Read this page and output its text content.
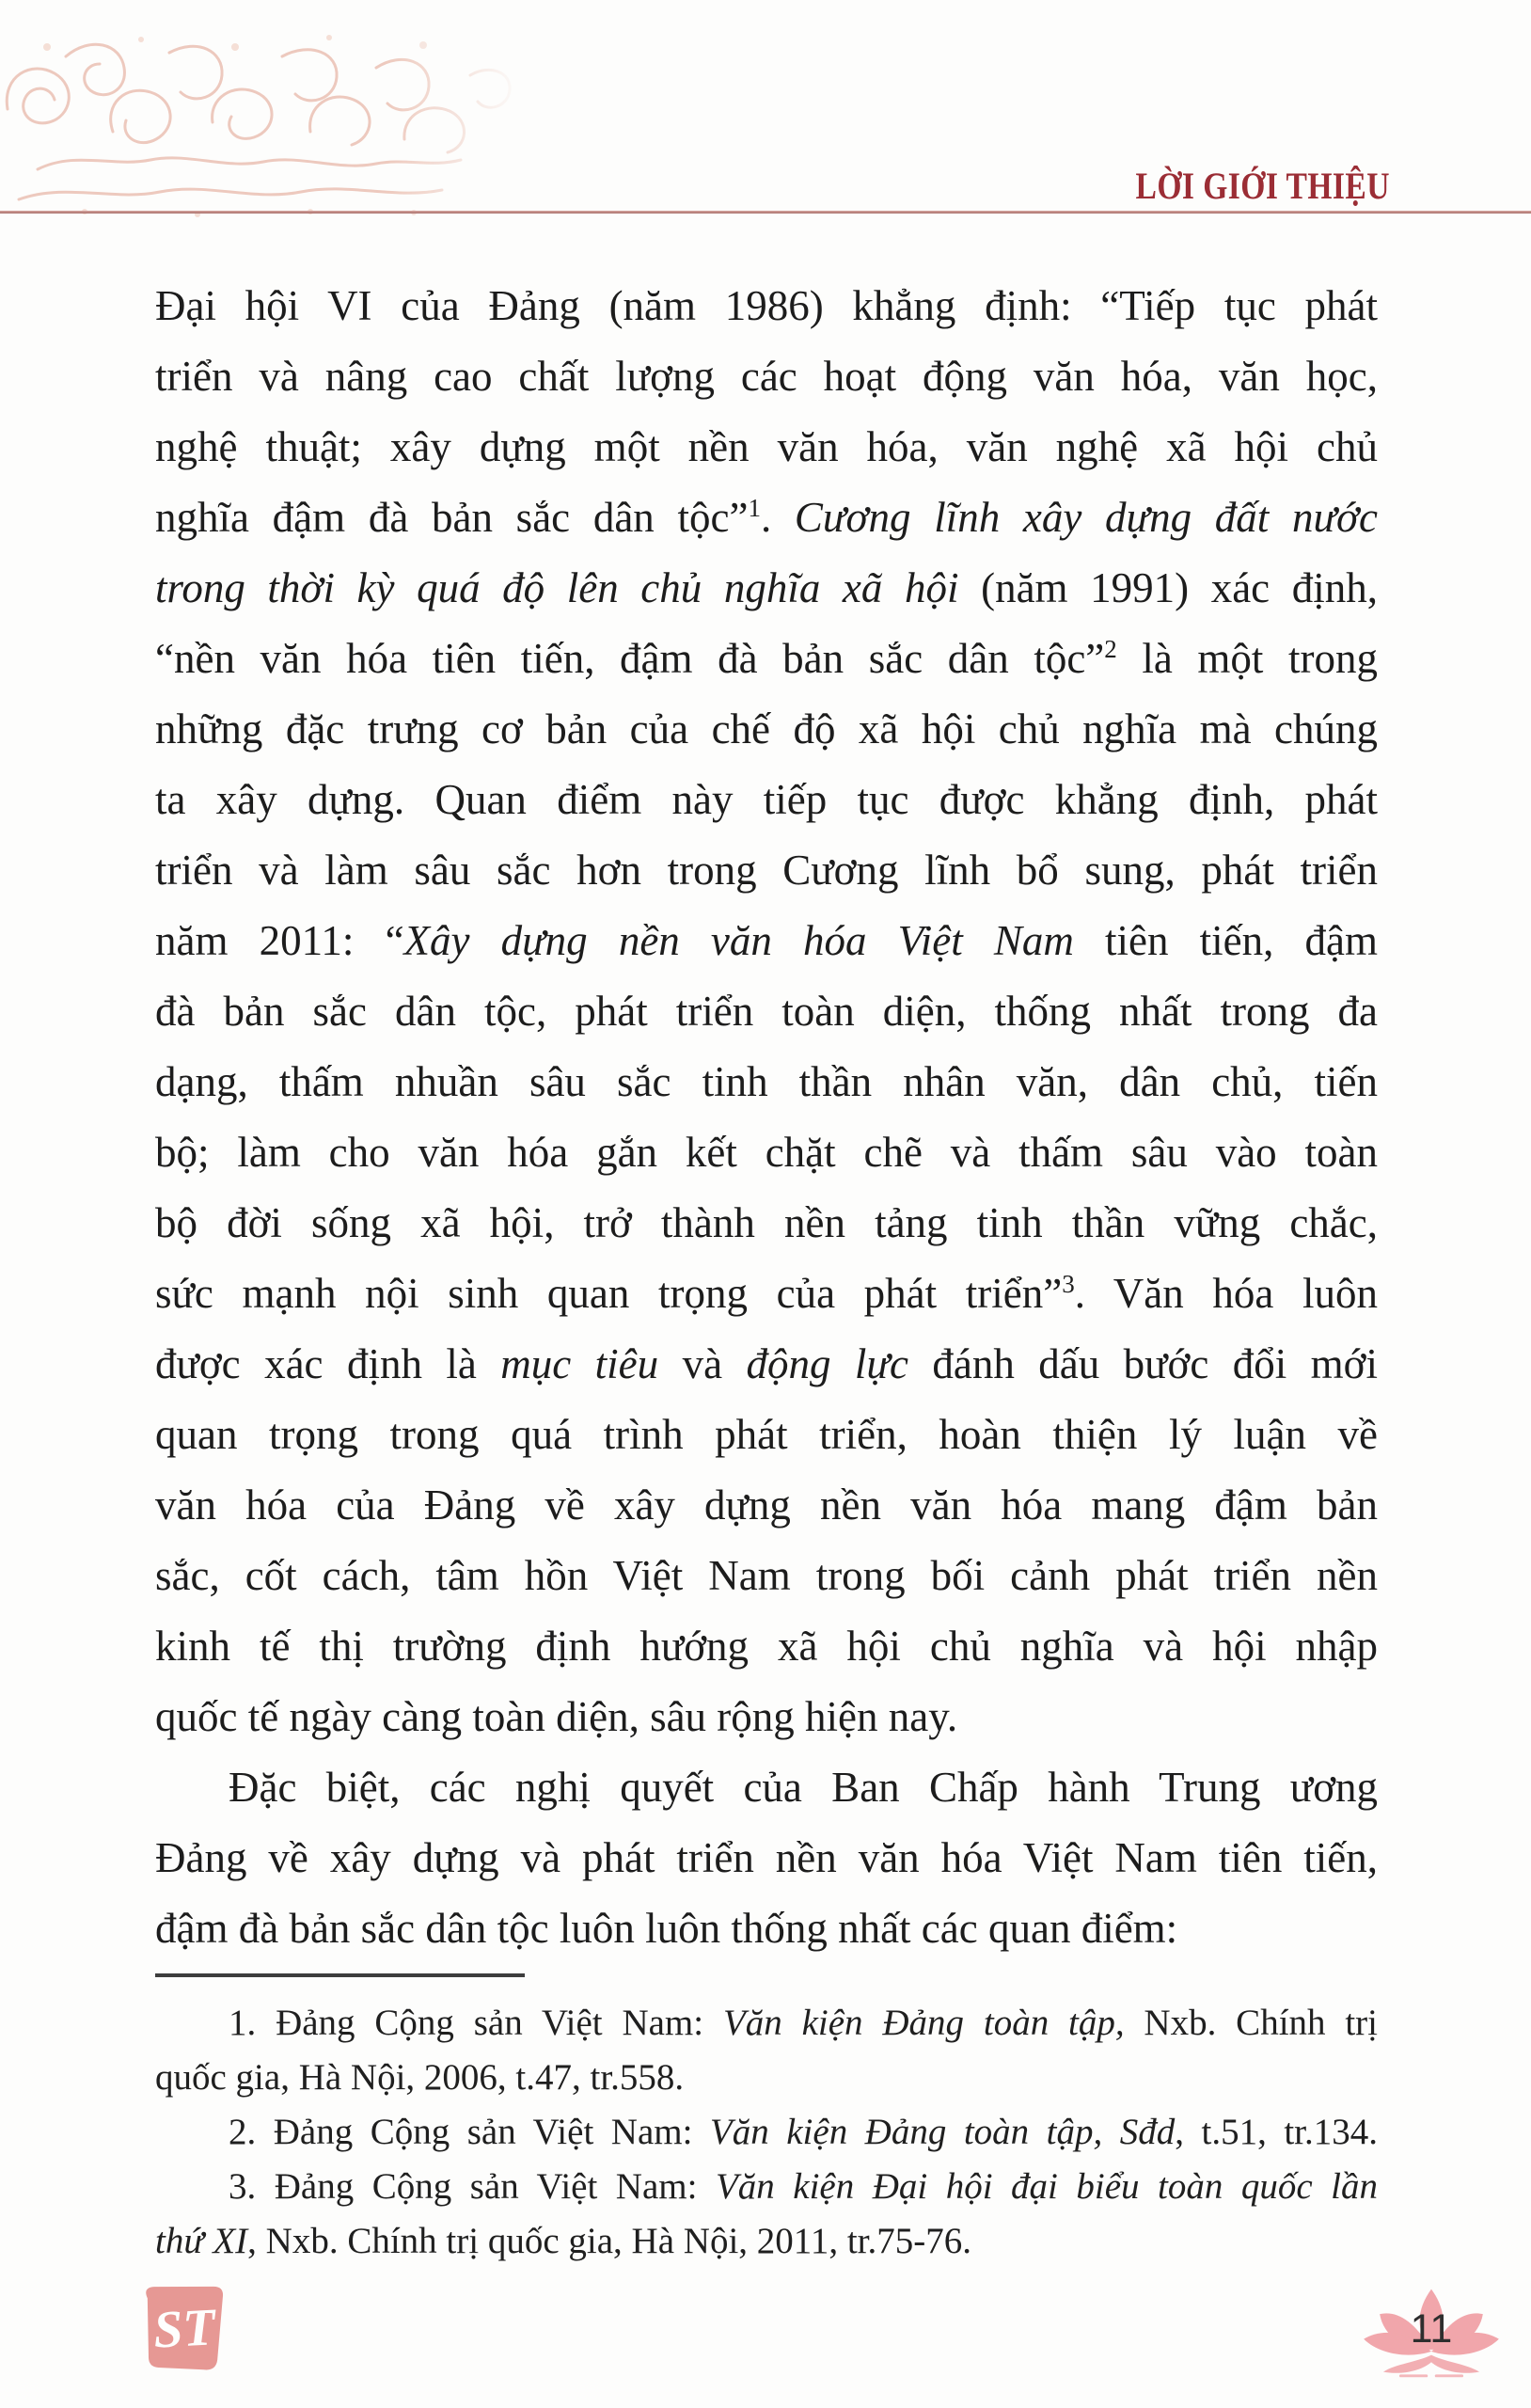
LỜI GIỚI THIỆU
Đại hội VI của Đảng (năm 1986) khẳng định: “Tiếp tục phát
triển và nâng cao chất lượng các hoạt động văn hóa, văn học,
nghệ thuật; xây dựng một nền văn hóa, văn nghệ xã hội chủ
nghĩa đậm đà bản sắc dân tộc”$^1$. Cương lĩnh xây dựng đất nước
trong thời kỳ quá độ lên chủ nghĩa xã hội (năm 1991) xác định,
“nền văn hóa tiên tiến, đậm đà bản sắc dân tộc”$^2$ là một trong
những đặc trưng cơ bản của chế độ xã hội chủ nghĩa mà chúng
ta xây dựng. Quan điểm này tiếp tục được khẳng định, phát
triển và làm sâu sắc hơn trong Cương lĩnh bổ sung, phát triển
năm 2011: “Xây dựng nền văn hóa Việt Nam tiên tiến, đậm
đà bản sắc dân tộc, phát triển toàn diện, thống nhất trong đa
dạng, thấm nhuần sâu sắc tinh thần nhân văn, dân chủ, tiến
bộ; làm cho văn hóa gắn kết chặt chẽ và thấm sâu vào toàn
bộ đời sống xã hội, trở thành nền tảng tinh thần vững chắc,
sức mạnh nội sinh quan trọng của phát triển”$^3$. Văn hóa luôn
được xác định là mục tiêu và động lực đánh dấu bước đổi mới
quan trọng trong quá trình phát triển, hoàn thiện lý luận về
văn hóa của Đảng về xây dựng nền văn hóa mang đậm bản
sắc, cốt cách, tâm hồn Việt Nam trong bối cảnh phát triển nền
kinh tế thị trường định hướng xã hội chủ nghĩa và hội nhập
quốc tế ngày càng toàn diện, sâu rộng hiện nay.
Đặc biệt, các nghị quyết của Ban Chấp hành Trung ương
Đảng về xây dựng và phát triển nền văn hóa Việt Nam tiên tiến,
đậm đà bản sắc dân tộc luôn luôn thống nhất các quan điểm:
1. Đảng Cộng sản Việt Nam: Văn kiện Đảng toàn tập, Nxb. Chính trị
quốc gia, Hà Nội, 2006, t.47, tr.558.
2. Đảng Cộng sản Việt Nam: Văn kiện Đảng toàn tập, Sđd, t.51, tr.134.
3. Đảng Cộng sản Việt Nam: Văn kiện Đại hội đại biểu toàn quốc lần
thứ XI, Nxb. Chính trị quốc gia, Hà Nội, 2011, tr.75-76.
ST	11
